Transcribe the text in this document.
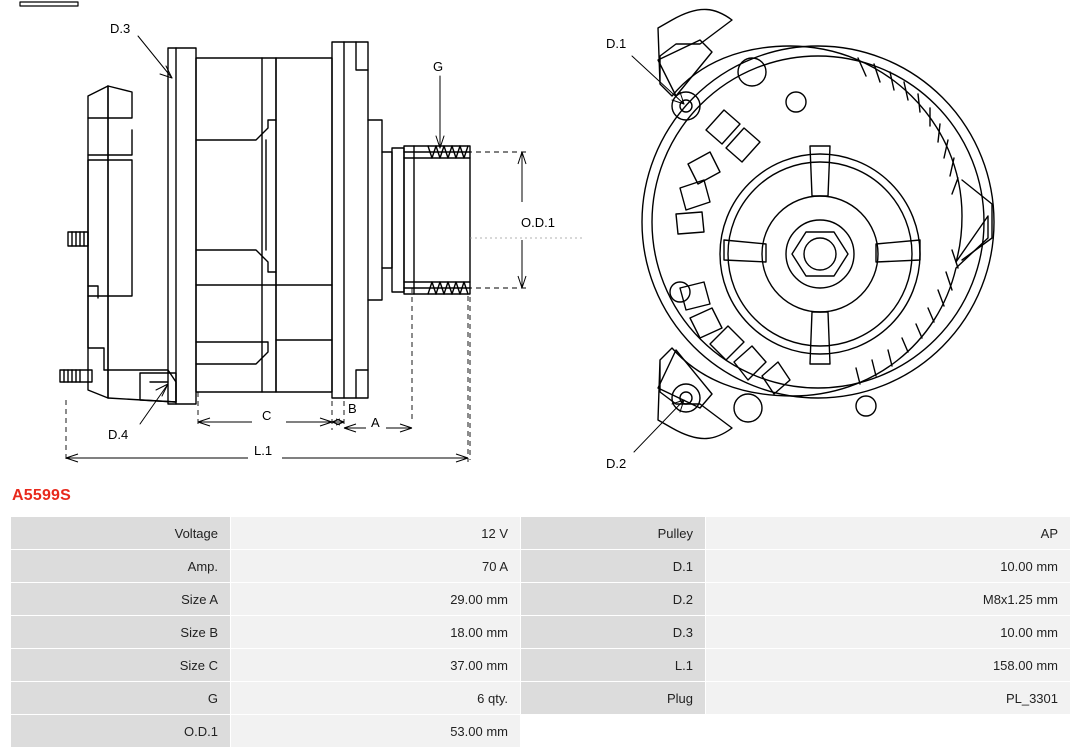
D.3
G
O.D.1
D.4
C	B
A
L.1
D.1
D.2
A5599S
Voltage	12 V	Pulley	AP
Amp.	70 A	D.1	10.00 mm
Size A	29.00 mm	D.2	M8x1.25 mm
Size B	18.00 mm	D.3	10.00 mm
Size C	37.00 mm	L.1	158.00 mm
G	6 qty.	Plug	PL_3301
O.D.1	53.00 mm		
